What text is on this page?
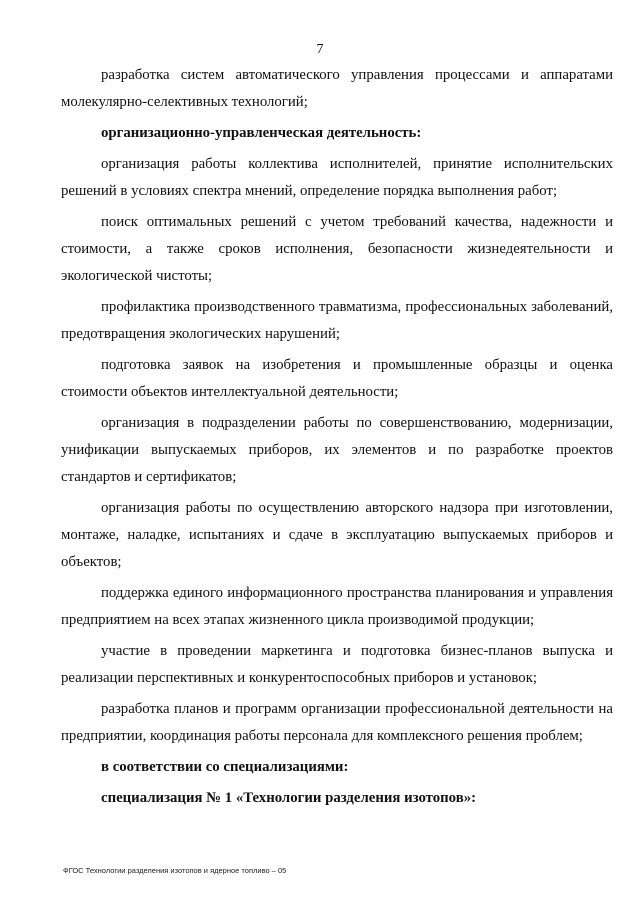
7

разработка систем автоматического управления процессами и аппаратами молекулярно-селективных технологий;

организационно-управленческая деятельность:

организация работы коллектива исполнителей, принятие исполнительских решений в условиях спектра мнений, определение порядка выполнения работ;

поиск оптимальных решений с учетом требований качества, надежности и стоимости, а также сроков исполнения, безопасности жизнедеятельности и экологической чистоты;

профилактика производственного травматизма, профессиональных заболеваний, предотвращения экологических нарушений;

подготовка заявок на изобретения и промышленные образцы и оценка стоимости объектов интеллектуальной деятельности;

организация в подразделении работы по совершенствованию, модернизации, унификации выпускаемых приборов, их элементов и по разработке проектов стандартов и сертификатов;

организация работы по осуществлению авторского надзора при изготовлении, монтаже, наладке, испытаниях и сдаче в эксплуатацию выпускаемых приборов и объектов;

поддержка единого информационного пространства планирования и управления предприятием на всех этапах жизненного цикла производимой продукции;

участие в проведении маркетинга и подготовка бизнес-планов выпуска и реализации перспективных и конкурентоспособных приборов и установок;

разработка планов и программ организации профессиональной деятельности на предприятии, координация работы персонала для комплексного решения проблем;

в соответствии со специализациями:

специализация № 1 «Технологии разделения изотопов»:

ФГОС Технологии разделения изотопов и ядерное топливо – 05
